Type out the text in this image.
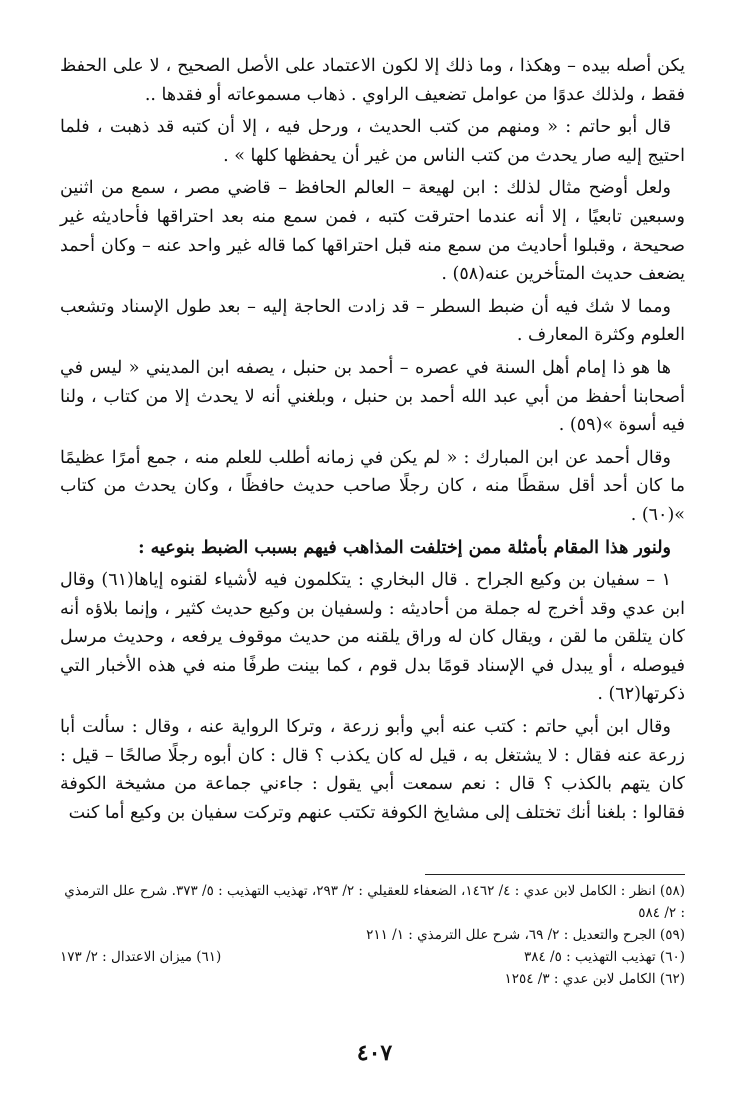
يكن أصله بيده – وهكذا ، وما ذلك إلا لكون الاعتماد على الأصل الصحيح ، لا على الحفظ فقط ، ولذلك عدوًا من عوامل تضعيف الراوي . ذهاب مسموعاته أو فقدها ..

قال أبو حاتم : « ومنهم من كتب الحديث ، ورحل فيه ، إلا أن كتبه قد ذهبت ، فلما احتيج إليه صار يحدث من كتب الناس من غير أن يحفظها كلها » .

ولعل أوضح مثال لذلك : ابن لهيعة – العالم الحافظ – قاضي مصر ، سمع من اثنين وسبعين تابعيًا ، إلا أنه عندما احترقت كتبه ، فمن سمع منه بعد احتراقها فأحاديثه غير صحيحة ، وقبلوا أحاديث من سمع منه قبل احتراقها كما قاله غير واحد عنه – وكان أحمد يضعف حديث المتأخرين عنه(٥٨) .

ومما لا شك فيه أن ضبط السطر – قد زادت الحاجة إليه – بعد طول الإسناد وتشعب العلوم وكثرة المعارف .

ها هو ذا إمام أهل السنة في عصره – أحمد بن حنبل ، يصفه ابن المديني « ليس في أصحابنا أحفظ من أبي عبد الله أحمد بن حنبل ، وبلغني أنه لا يحدث إلا من كتاب ، ولنا فيه أسوة »(٥٩) .

وقال أحمد عن ابن المبارك : « لم يكن في زمانه أطلب للعلم منه ، جمع أمرًا عظيمًا ما كان أحد أقل سقطًا منه ، كان رجلًا صاحب حديث حافظًا ، وكان يحدث من كتاب »(٦٠) .

ولنور هذا المقام بأمثلة ممن إختلفت المذاهب فيهم بسبب الضبط بنوعيه :

١ – سفيان بن وكيع الجراح . قال البخاري : يتكلمون فيه لأشياء لقنوه إياها(٦١) وقال ابن عدي وقد أخرج له جملة من أحاديثه : ولسفيان بن وكيع حديث كثير ، وإنما بلاؤه أنه كان يتلقن ما لقن ، ويقال كان له وراق يلقنه من حديث موقوف يرفعه ، وحديث مرسل فيوصله ، أو يبدل في الإسناد قومًا بدل قوم ، كما بينت طرفًا منه في هذه الأخبار التي ذكرتها(٦٢) .

وقال ابن أبي حاتم : كتب عنه أبي وأبو زرعة ، وتركا الرواية عنه ، وقال : سألت أبا زرعة عنه فقال : لا يشتغل به ، قيل له كان يكذب ؟ قال : كان أبوه رجلًا صالحًا – قيل : كان يتهم بالكذب ؟ قال : نعم سمعت أبي يقول : جاءني جماعة من مشيخة الكوفة فقالوا : بلغنا أنك تختلف إلى مشايخ الكوفة تكتب عنهم وتركت سفيان بن وكيع أما كنت

(٥٨) انظر : الكامل لابن عدي : ٤/ ١٤٦٢، الضعفاء للعقيلي : ٢/ ٢٩٣، تهذيب التهذيب : ٥/ ٣٧٣. شرح علل الترمذي : ٢/ ٥٨٤

(٥٩) الجرح والتعديل : ٢/ ٦٩، شرح علل الترمذي : ١/ ٢١١

(٦٠) تهذيب التهذيب : ٥/ ٣٨٤
(٦١) ميزان الاعتدال : ٢/ ١٧٣

(٦٢) الكامل لابن عدي : ٣/ ١٢٥٤

٤٠٧
